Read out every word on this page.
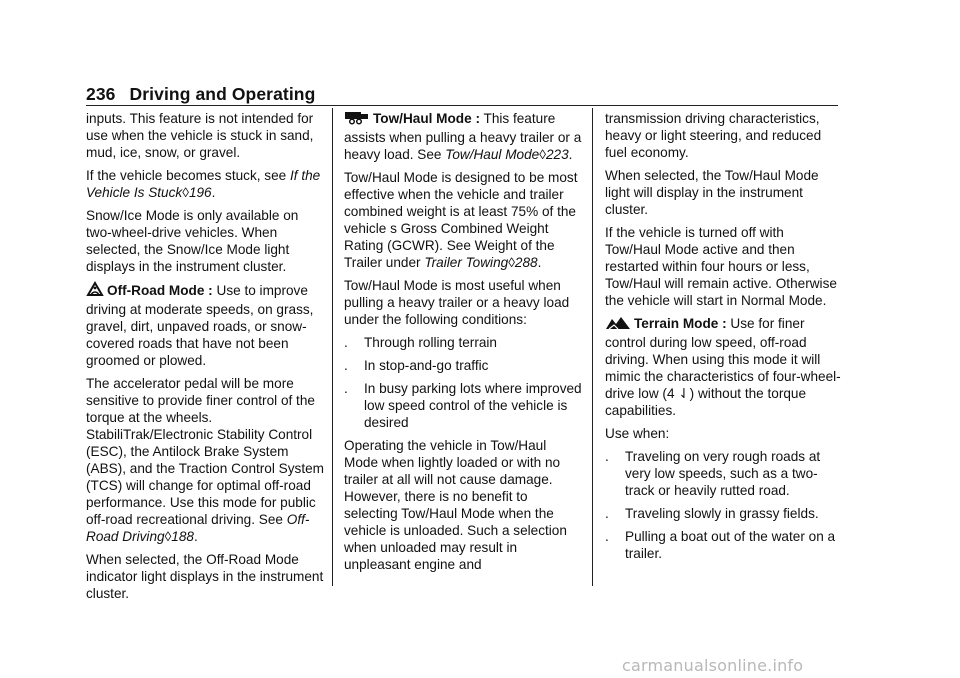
236 Driving and Operating

inputs. This feature is not intended for use when the vehicle is stuck in sand, mud, ice, snow, or gravel.

If the vehicle becomes stuck, see If the Vehicle Is Stuck◊196.

Snow/Ice Mode is only available on two-wheel-drive vehicles. When selected, the Snow/Ice Mode light displays in the instrument cluster.

Off-Road Mode : Use to improve driving at moderate speeds, on grass, gravel, dirt, unpaved roads, or snow-covered roads that have not been groomed or plowed.

The accelerator pedal will be more sensitive to provide finer control of the torque at the wheels. StabiliTrak/Electronic Stability Control (ESC), the Antilock Brake System (ABS), and the Traction Control System (TCS) will change for optimal off-road performance. Use this mode for public off-road recreational driving. See Off-Road Driving◊188.

When selected, the Off-Road Mode indicator light displays in the instrument cluster.

Tow/Haul Mode : This feature assists when pulling a heavy trailer or a heavy load. See Tow/Haul Mode◊223.

Tow/Haul Mode is designed to be most effective when the vehicle and trailer combined weight is at least 75% of the vehicle s Gross Combined Weight Rating (GCWR). See Weight of the Trailer under Trailer Towing◊288.

Tow/Haul Mode is most useful when pulling a heavy trailer or a heavy load under the following conditions:

. Through rolling terrain
. In stop-and-go traffic
. In busy parking lots where improved low speed control of the vehicle is desired

Operating the vehicle in Tow/Haul Mode when lightly loaded or with no trailer at all will not cause damage. However, there is no benefit to selecting Tow/Haul Mode when the vehicle is unloaded. Such a selection when unloaded may result in unpleasant engine and

transmission driving characteristics, heavy or light steering, and reduced fuel economy.

When selected, the Tow/Haul Mode light will display in the instrument cluster.

If the vehicle is turned off with Tow/Haul Mode active and then restarted within four hours or less, Tow/Haul will remain active. Otherwise the vehicle will start in Normal Mode.

Terrain Mode : Use for finer control during low speed, off-road driving. When using this mode it will mimic the characteristics of four-wheel-drive low (4 ⇃) without the torque capabilities.

Use when:

. Traveling on very rough roads at very low speeds, such as a two-track or heavily rutted road.
. Traveling slowly in grassy fields.
. Pulling a boat out of the water on a trailer.
carmanualsonline.info
